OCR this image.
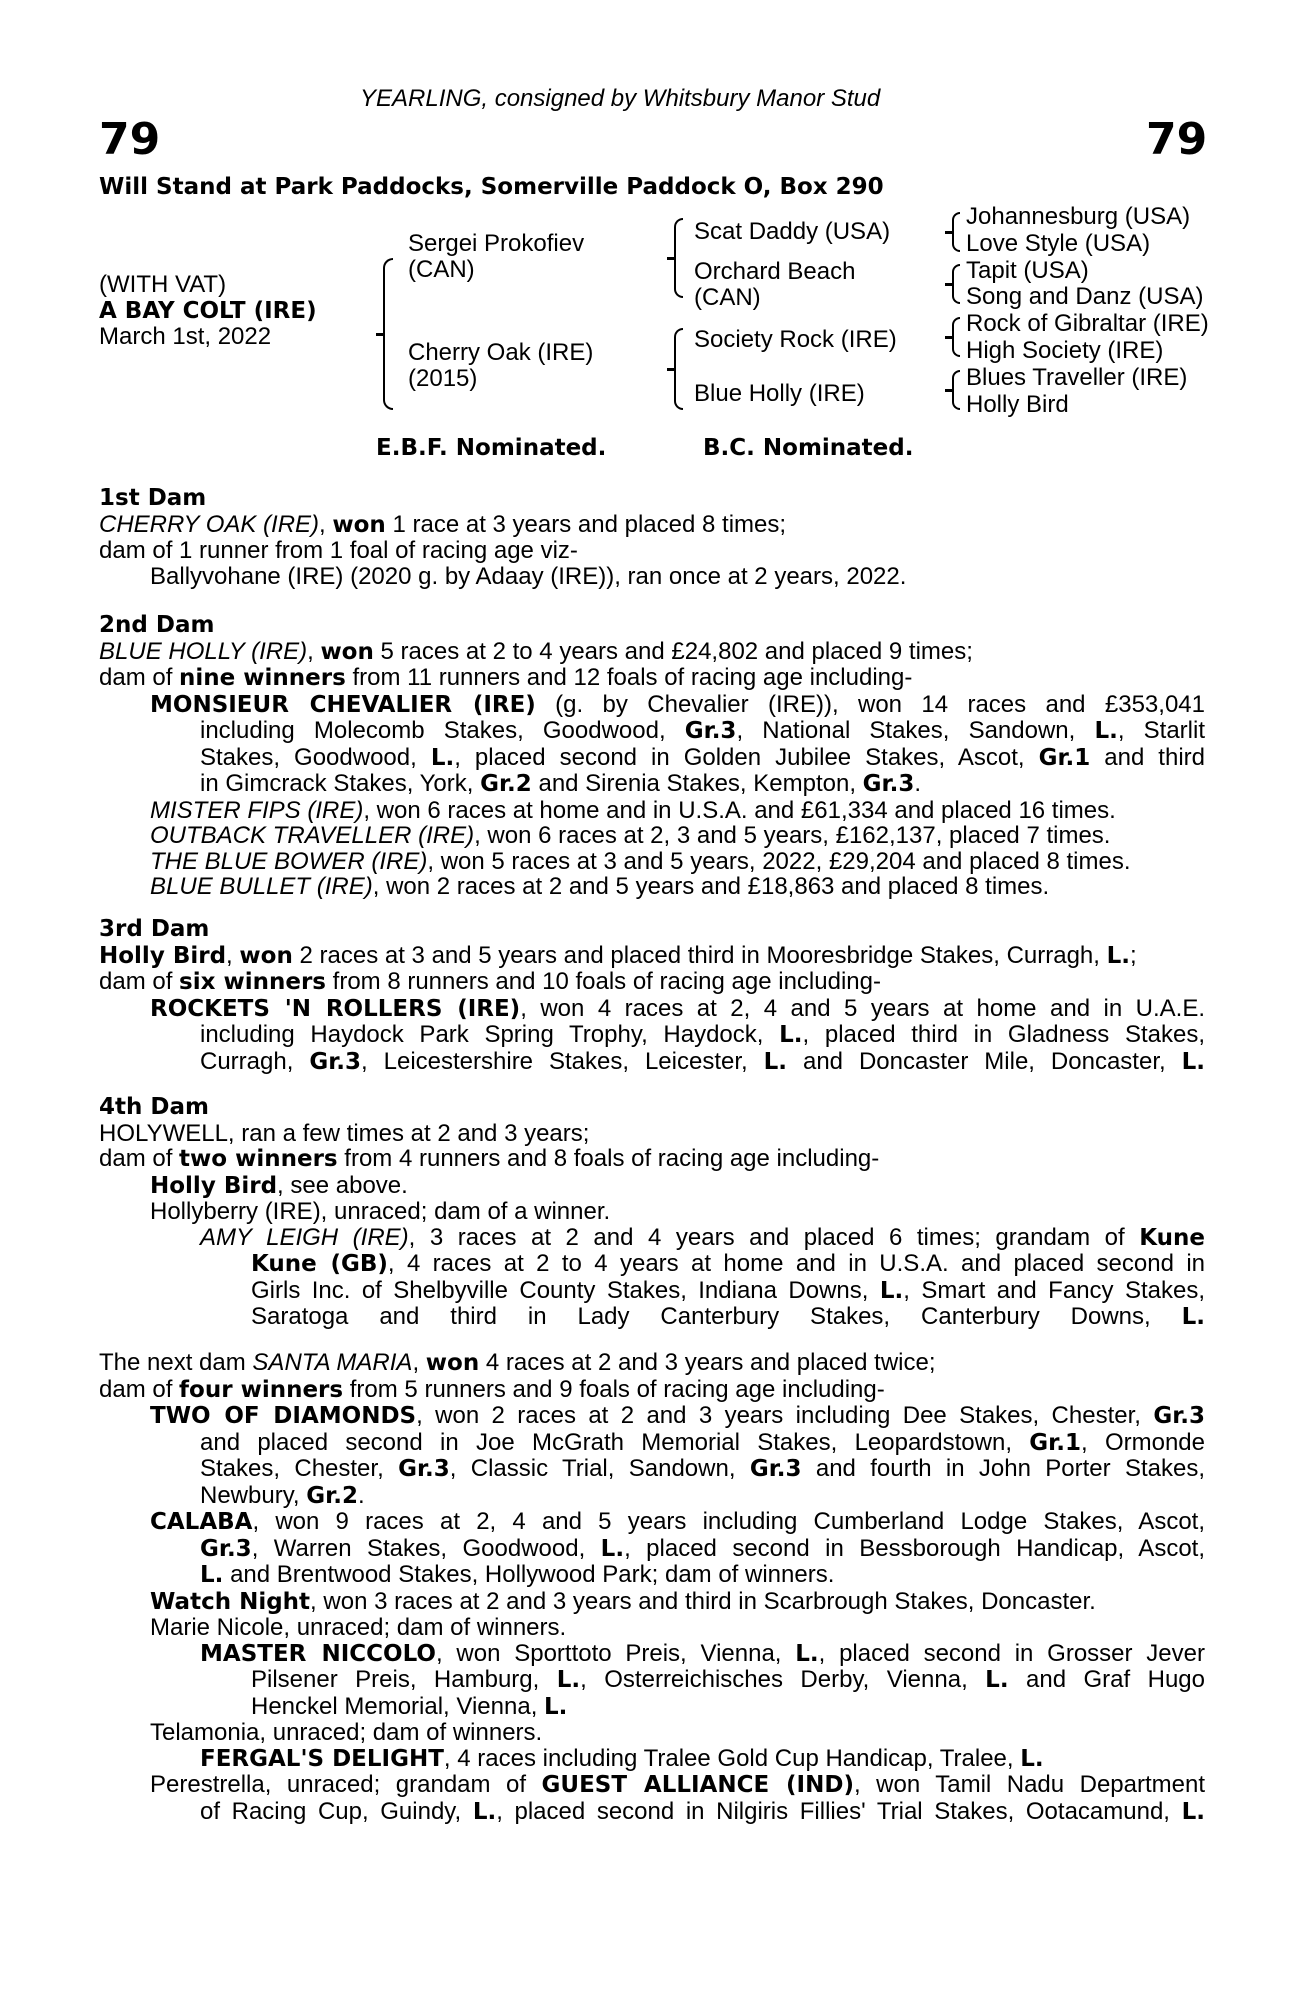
YEARLING, consigned by Whitsbury Manor Stud
79	79
Will Stand at Park Paddocks, Somerville Paddock O, Box 290
(WITH VAT)
A BAY COLT (IRE)
March 1st, 2022
Sergei Prokofiev
(CAN)
Cherry Oak (IRE)
(2015)
Scat Daddy (USA)
Orchard Beach
(CAN)
Society Rock (IRE)
Blue Holly (IRE)
Johannesburg (USA)
Love Style (USA)
Tapit (USA)
Song and Danz (USA)
Rock of Gibraltar (IRE)
High Society (IRE)
Blues Traveller (IRE)
Holly Bird
E.B.F. Nominated.	B.C. Nominated.
1st Dam
CHERRY OAK (IRE), won 1 race at 3 years and placed 8 times;
dam of 1 runner from 1 foal of racing age viz-
Ballyvohane (IRE) (2020 g. by Adaay (IRE)), ran once at 2 years, 2022.
2nd Dam
BLUE HOLLY (IRE), won 5 races at 2 to 4 years and £24,802 and placed 9 times;
dam of nine winners from 11 runners and 12 foals of racing age including-
MONSIEUR CHEVALIER (IRE) (g. by Chevalier (IRE)), won 14 races and £353,041
including Molecomb Stakes, Goodwood, Gr.3, National Stakes, Sandown, L., Starlit
Stakes, Goodwood, L., placed second in Golden Jubilee Stakes, Ascot, Gr.1 and third
in Gimcrack Stakes, York, Gr.2 and Sirenia Stakes, Kempton, Gr.3.
MISTER FIPS (IRE), won 6 races at home and in U.S.A. and £61,334 and placed 16 times.
OUTBACK TRAVELLER (IRE), won 6 races at 2, 3 and 5 years, £162,137, placed 7 times.
THE BLUE BOWER (IRE), won 5 races at 3 and 5 years, 2022, £29,204 and placed 8 times.
BLUE BULLET (IRE), won 2 races at 2 and 5 years and £18,863 and placed 8 times.
3rd Dam
Holly Bird, won 2 races at 3 and 5 years and placed third in Mooresbridge Stakes, Curragh, L.;
dam of six winners from 8 runners and 10 foals of racing age including-
ROCKETS 'N ROLLERS (IRE), won 4 races at 2, 4 and 5 years at home and in U.A.E.
including Haydock Park Spring Trophy, Haydock, L., placed third in Gladness Stakes,
Curragh, Gr.3, Leicestershire Stakes, Leicester, L. and Doncaster Mile, Doncaster, L.
4th Dam
HOLYWELL, ran a few times at 2 and 3 years;
dam of two winners from 4 runners and 8 foals of racing age including-
Holly Bird, see above.
Hollyberry (IRE), unraced; dam of a winner.
AMY LEIGH (IRE), 3 races at 2 and 4 years and placed 6 times; grandam of Kune
Kune (GB), 4 races at 2 to 4 years at home and in U.S.A. and placed second in
Girls Inc. of Shelbyville County Stakes, Indiana Downs, L., Smart and Fancy Stakes,
Saratoga and third in Lady Canterbury Stakes, Canterbury Downs, L.
The next dam SANTA MARIA, won 4 races at 2 and 3 years and placed twice;
dam of four winners from 5 runners and 9 foals of racing age including-
TWO OF DIAMONDS, won 2 races at 2 and 3 years including Dee Stakes, Chester, Gr.3
and placed second in Joe McGrath Memorial Stakes, Leopardstown, Gr.1, Ormonde
Stakes, Chester, Gr.3, Classic Trial, Sandown, Gr.3 and fourth in John Porter Stakes,
Newbury, Gr.2.
CALABA, won 9 races at 2, 4 and 5 years including Cumberland Lodge Stakes, Ascot,
Gr.3, Warren Stakes, Goodwood, L., placed second in Bessborough Handicap, Ascot,
L. and Brentwood Stakes, Hollywood Park; dam of winners.
Watch Night, won 3 races at 2 and 3 years and third in Scarbrough Stakes, Doncaster.
Marie Nicole, unraced; dam of winners.
MASTER NICCOLO, won Sporttoto Preis, Vienna, L., placed second in Grosser Jever
Pilsener Preis, Hamburg, L., Osterreichisches Derby, Vienna, L. and Graf Hugo
Henckel Memorial, Vienna, L.
Telamonia, unraced; dam of winners.
FERGAL'S DELIGHT, 4 races including Tralee Gold Cup Handicap, Tralee, L.
Perestrella, unraced; grandam of GUEST ALLIANCE (IND), won Tamil Nadu Department
of Racing Cup, Guindy, L., placed second in Nilgiris Fillies' Trial Stakes, Ootacamund, L.
